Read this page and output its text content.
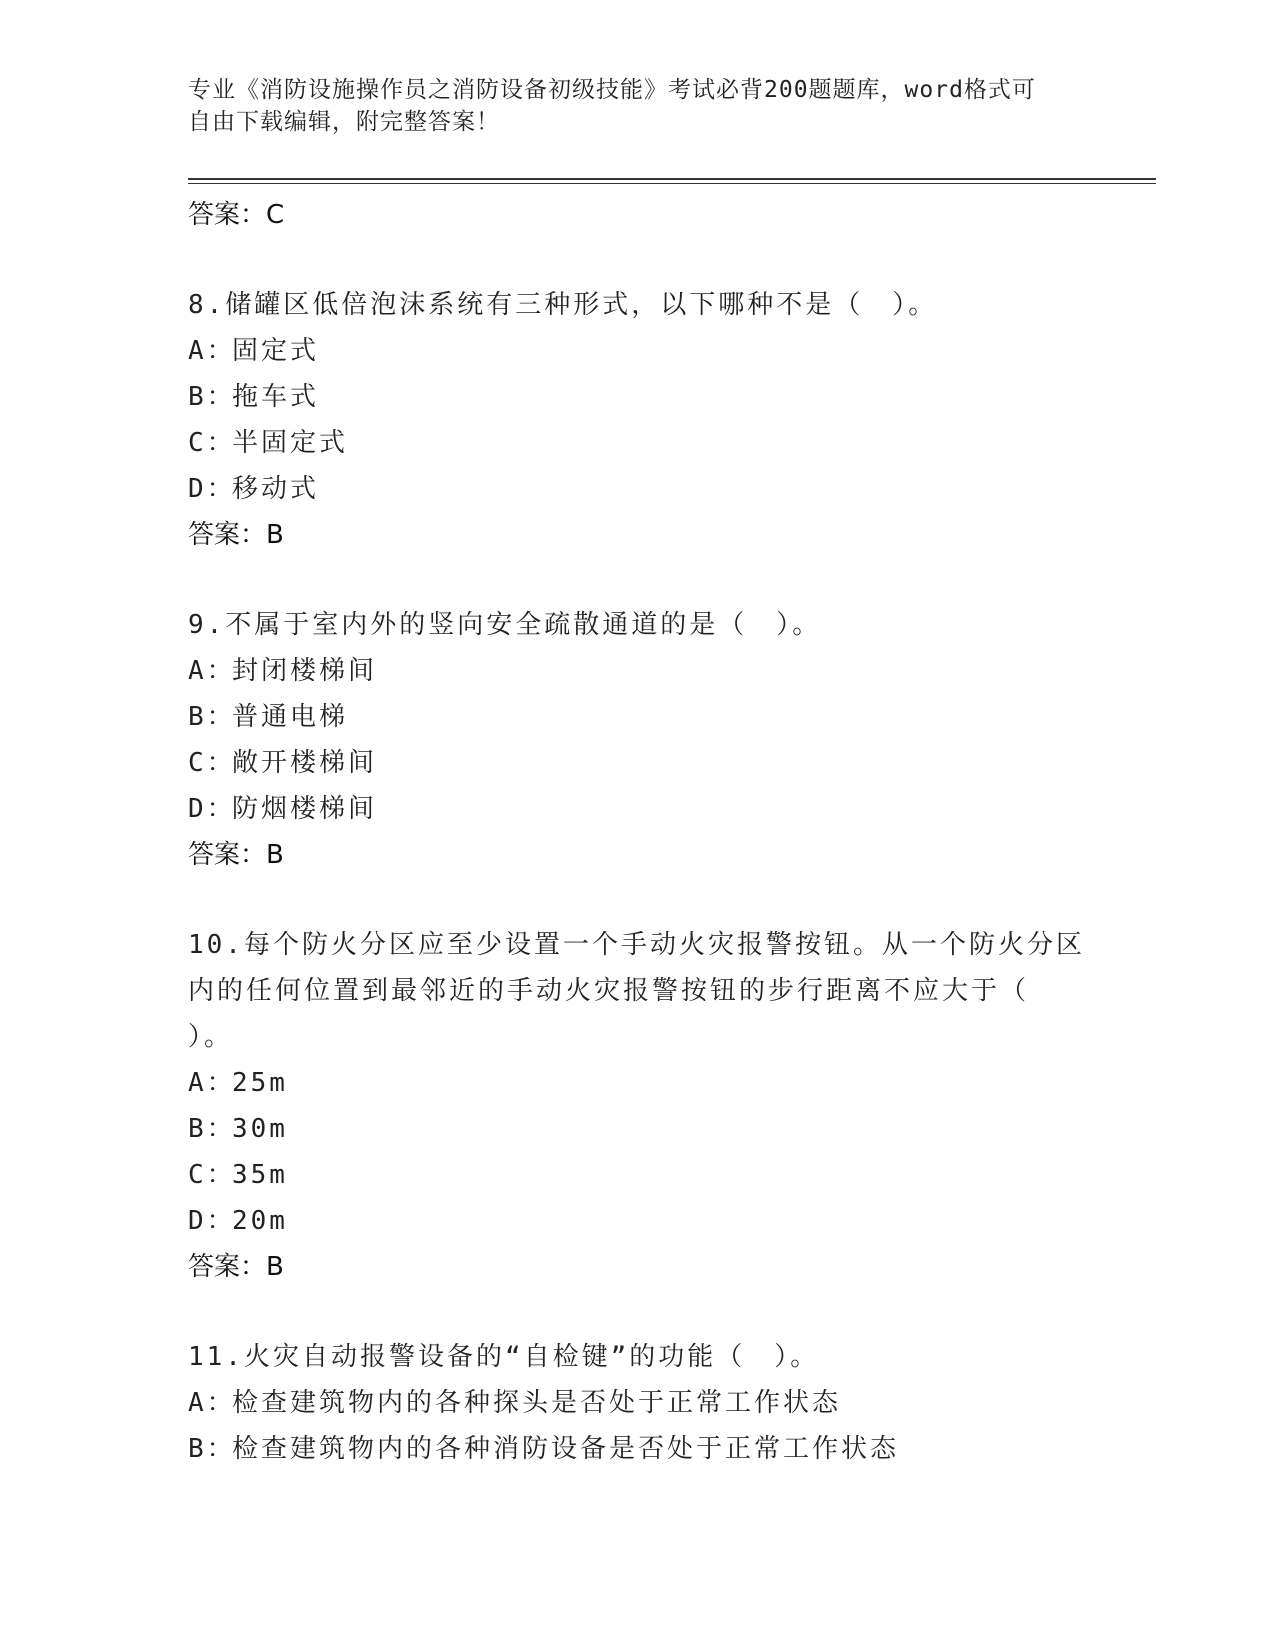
专业《消防设施操作员之消防设备初级技能》考试必背200题题库，word格式可
自由下载编辑，附完整答案！
答案：C
8.储罐区低倍泡沫系统有三种形式，以下哪种不是（　）。
A：固定式
B：拖车式
C：半固定式
D：移动式
答案：B
9.不属于室内外的竖向安全疏散通道的是（　）。
A：封闭楼梯间
B：普通电梯
C：敞开楼梯间
D：防烟楼梯间
答案：B
10.每个防火分区应至少设置一个手动火灾报警按钮。从一个防火分区
内的任何位置到最邻近的手动火灾报警按钮的步行距离不应大于（
）。
A：25m
B：30m
C：35m
D：20m
答案：B
11.火灾自动报警设备的“自检键”的功能（　）。
A：检查建筑物内的各种探头是否处于正常工作状态
B：检查建筑物内的各种消防设备是否处于正常工作状态
